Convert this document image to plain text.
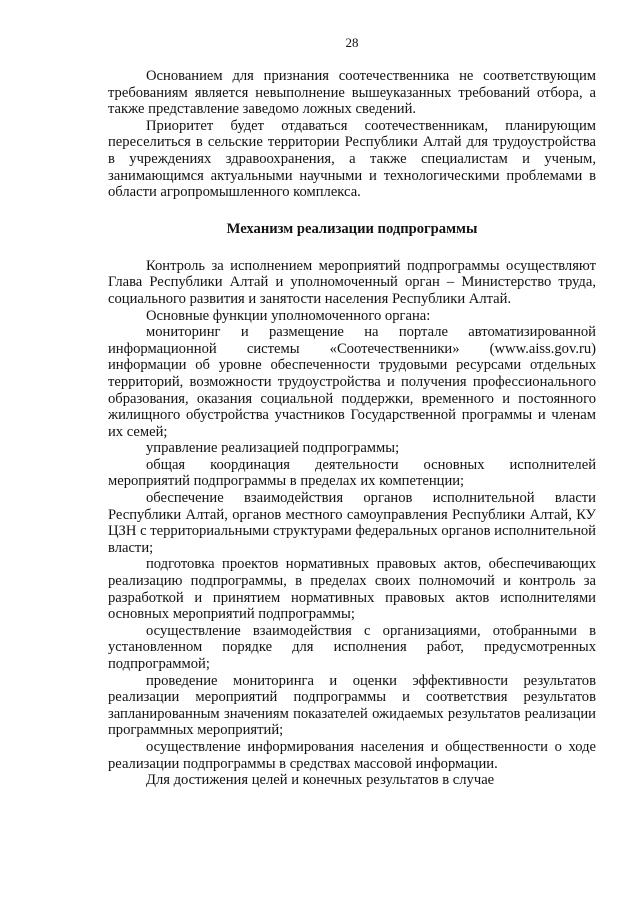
28

Основанием для признания соотечественника не соответствующим требованиям является невыполнение вышеуказанных требований отбора, а также представление заведомо ложных сведений.

Приоритет будет отдаваться соотечественникам, планирующим переселиться в сельские территории Республики Алтай для трудоустройства в учреждениях здравоохранения, а также специалистам и ученым, занимающимся актуальными научными и технологическими проблемами в области агропромышленного комплекса.

Механизм реализации подпрограммы

Контроль за исполнением мероприятий подпрограммы осуществляют Глава Республики Алтай и уполномоченный орган – Министерство труда, социального развития и занятости населения Республики Алтай.

Основные функции уполномоченного органа:

мониторинг и размещение на портале автоматизированной информационной системы «Соотечественники» (www.aiss.gov.ru) информации об уровне обеспеченности трудовыми ресурсами отдельных территорий, возможности трудоустройства и получения профессионального образования, оказания социальной поддержки, временного и постоянного жилищного обустройства участников Государственной программы и членам их семей;

управление реализацией подпрограммы;

общая координация деятельности основных исполнителей мероприятий подпрограммы в пределах их компетенции;

обеспечение взаимодействия органов исполнительной власти Республики Алтай, органов местного самоуправления Республики Алтай, КУ ЦЗН с территориальными структурами федеральных органов исполнительной власти;

подготовка проектов нормативных правовых актов, обеспечивающих реализацию подпрограммы, в пределах своих полномочий и контроль за разработкой и принятием нормативных правовых актов исполнителями основных мероприятий подпрограммы;

осуществление взаимодействия с организациями, отобранными в установленном порядке для исполнения работ, предусмотренных подпрограммой;

проведение мониторинга и оценки эффективности результатов реализации мероприятий подпрограммы и соответствия результатов запланированным значениям показателей ожидаемых результатов реализации программных мероприятий;

осуществление информирования населения и общественности о ходе реализации подпрограммы в средствах массовой информации.

Для достижения целей и конечных результатов в случае
